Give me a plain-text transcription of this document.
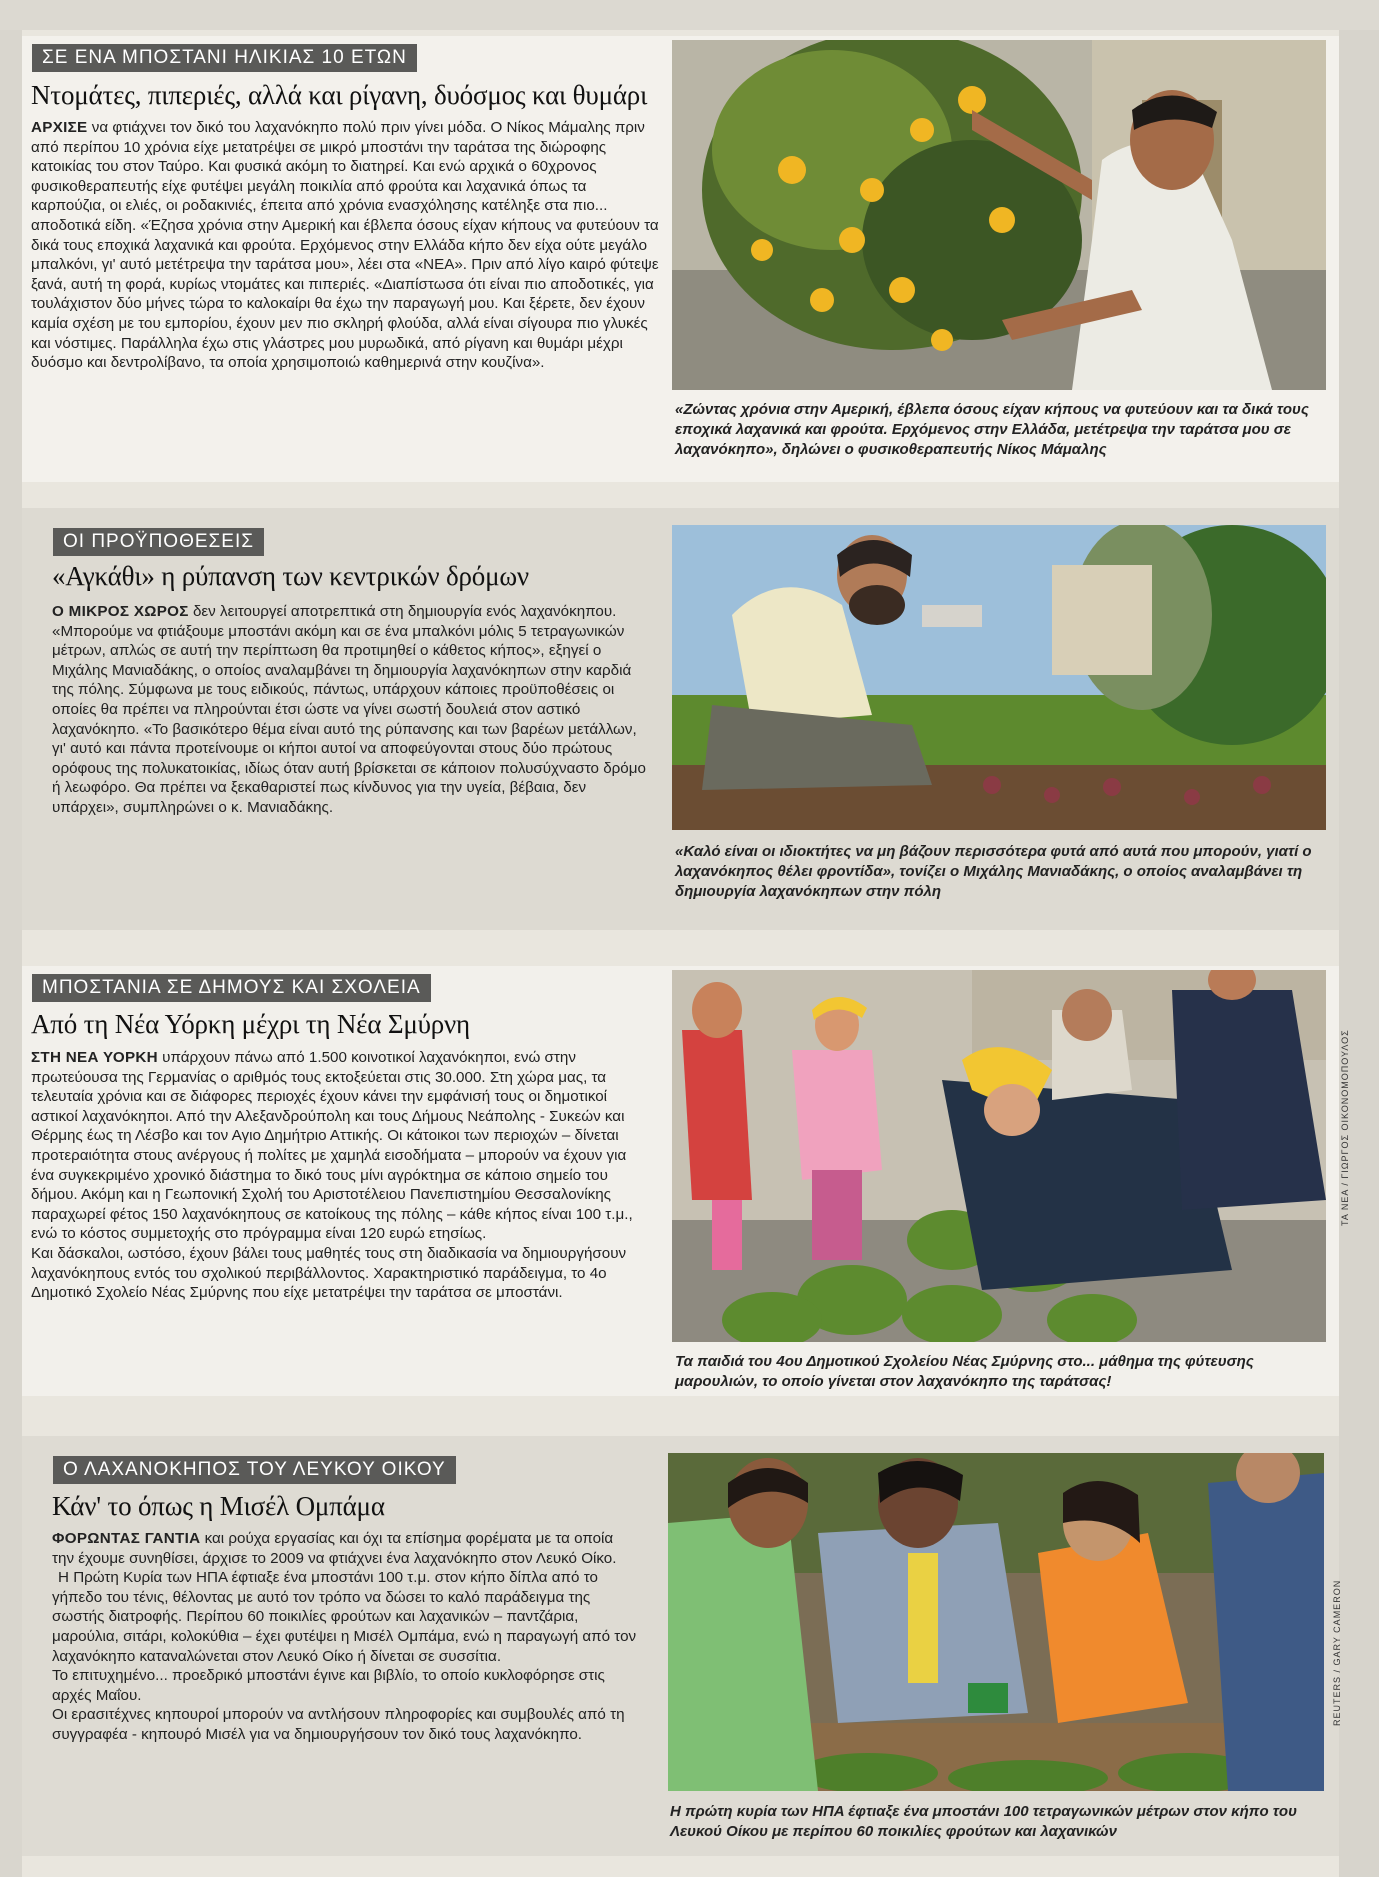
ΣΕ ΕΝΑ ΜΠΟΣΤΑΝΙ ΗΛΙΚΙΑΣ 10 ΕΤΩΝ
Ντομάτες, πιπεριές, αλλά και ρίγανη, δυόσμος και θυμάρι

ΑΡΧΙΣΕ να φτιάχνει τον δικό του λαχανόκηπο πολύ πριν γίνει μόδα. Ο Νίκος Μάμαλης πριν από περίπου 10 χρόνια είχε μετατρέψει σε μικρό μποστάνι την ταράτσα της διώροφης κατοικίας του στον Ταύρο. Και φυσικά ακόμη το διατηρεί. Και ενώ αρχικά ο 60χρονος φυσικοθεραπευτής είχε φυτέψει μεγάλη ποικιλία από φρούτα και λαχανικά όπως τα καρπούζια, οι ελιές, οι ροδακινιές, έπειτα από χρόνια ενασχόλησης κατέληξε στα πιο... αποδοτικά είδη. «Έζησα χρόνια στην Αμερική και έβλεπα όσους είχαν κήπους να φυτεύουν τα δικά τους εποχικά λαχανικά και φρούτα. Ερχόμενος στην Ελλάδα κήπο δεν είχα ούτε μεγάλο μπαλκόνι, γι' αυτό μετέτρεψα την ταράτσα μου», λέει στα «ΝΕΑ». Πριν από λίγο καιρό φύτεψε ξανά, αυτή τη φορά, κυρίως ντομάτες και πιπεριές. «Διαπίστωσα ότι είναι πιο αποδοτικές, για τουλάχιστον δύο μήνες τώρα το καλοκαίρι θα έχω την παραγωγή μου. Και ξέρετε, δεν έχουν καμία σχέση με του εμπορίου, έχουν μεν πιο σκληρή φλούδα, αλλά είναι σίγουρα πιο γλυκές και νόστιμες. Παράλληλα έχω στις γλάστρες μου μυρωδικά, από ρίγανη και θυμάρι μέχρι δυόσμο και δεντρολίβανο, τα οποία χρησιμοποιώ καθημερινά στην κουζίνα».

«Ζώντας χρόνια στην Αμερική, έβλεπα όσους είχαν κήπους να φυτεύουν και τα δικά τους εποχικά λαχανικά και φρούτα. Ερχόμενος στην Ελλάδα, μετέτρεψα την ταράτσα μου σε λαχανόκηπο», δηλώνει ο φυσικοθεραπευτής Νίκος Μάμαλης
ΟΙ ΠΡΟΫΠΟΘΕΣΕΙΣ
«Αγκάθι» η ρύπανση των κεντρικών δρόμων

Ο ΜΙΚΡΟΣ ΧΩΡΟΣ δεν λειτουργεί αποτρεπτικά στη δημιουργία ενός λαχανόκηπου. «Μπορούμε να φτιάξουμε μποστάνι ακόμη και σε ένα μπαλκόνι μόλις 5 τετραγωνικών μέτρων, απλώς σε αυτή την περίπτωση θα προτιμηθεί ο κάθετος κήπος», εξηγεί ο Μιχάλης Μανιαδάκης, ο οποίος αναλαμβάνει τη δημιουργία λαχανόκηπων στην καρδιά της πόλης. Σύμφωνα με τους ειδικούς, πάντως, υπάρχουν κάποιες προϋποθέσεις οι οποίες θα πρέπει να πληρούνται έτσι ώστε να γίνει σωστή δουλειά στον αστικό λαχανόκηπο. «Το βασικότερο θέμα είναι αυτό της ρύπανσης και των βαρέων μετάλλων, γι' αυτό και πάντα προτείνουμε οι κήποι αυτοί να αποφεύγονται στους δύο πρώτους ορόφους της πολυκατοικίας, ιδίως όταν αυτή βρίσκεται σε κάποιον πολυσύχναστο δρόμο ή λεωφόρο. Θα πρέπει να ξεκαθαριστεί πως κίνδυνος για την υγεία, βέβαια, δεν υπάρχει», συμπληρώνει ο κ. Μανιαδάκης.

«Καλό είναι οι ιδιοκτήτες να μη βάζουν περισσότερα φυτά από αυτά που μπορούν, γιατί ο λαχανόκηπος θέλει φροντίδα», τονίζει ο Μιχάλης Μανιαδάκης, ο οποίος αναλαμβάνει τη δημιουργία λαχανόκηπων στην πόλη
ΜΠΟΣΤΑΝΙΑ ΣΕ ΔΗΜΟΥΣ ΚΑΙ ΣΧΟΛΕΙΑ
Από τη Νέα Υόρκη μέχρι τη Νέα Σμύρνη

ΣΤΗ ΝΕΑ ΥΟΡΚΗ υπάρχουν πάνω από 1.500 κοινοτικοί λαχανόκηποι, ενώ στην πρωτεύουσα της Γερμανίας ο αριθμός τους εκτοξεύεται στις 30.000. Στη χώρα μας, τα τελευταία χρόνια και σε διάφορες περιοχές έχουν κάνει την εμφάνισή τους οι δημοτικοί αστικοί λαχανόκηποι. Από την Αλεξανδρούπολη και τους Δήμους Νεάπολης - Συκεών και Θέρμης έως τη Λέσβο και τον Αγιο Δημήτριο Αττικής. Οι κάτοικοι των περιοχών – δίνεται προτεραιότητα στους ανέργους ή πολίτες με χαμηλά εισοδήματα – μπορούν να έχουν για ένα συγκεκριμένο χρονικό διάστημα το δικό τους μίνι αγρόκτημα σε κάποιο σημείο του δήμου. Ακόμη και η Γεωπονική Σχολή του Αριστοτέλειου Πανεπιστημίου Θεσσαλονίκης παραχωρεί φέτος 150 λαχανόκηπους σε κατοίκους της πόλης – κάθε κήπος είναι 100 τ.μ., ενώ το κόστος συμμετοχής στο πρόγραμμα είναι 120 ευρώ ετησίως.

Και δάσκαλοι, ωστόσο, έχουν βάλει τους μαθητές τους στη διαδικασία να δημιουργήσουν λαχανόκηπους εντός του σχολικού περιβάλλοντος. Χαρακτηριστικό παράδειγμα, το 4ο Δημοτικό Σχολείο Νέας Σμύρνης που είχε μετατρέψει την ταράτσα σε μποστάνι.

ΤΑ ΝΕΑ / ΓΙΩΡΓΟΣ ΟΙΚΟΝΟΜΟΠΟΥΛΟΣ
Τα παιδιά του 4ου Δημοτικού Σχολείου Νέας Σμύρνης στο... μάθημα της φύτευσης μαρουλιών, το οποίο γίνεται στον λαχανόκηπο της ταράτσας!
Ο ΛΑΧΑΝΟΚΗΠΟΣ ΤΟΥ ΛΕΥΚΟΥ ΟΙΚΟΥ
Κάν' το όπως η Μισέλ Ομπάμα

ΦΟΡΩΝΤΑΣ ΓΑΝΤΙΑ και ρούχα εργασίας και όχι τα επίσημα φορέματα με τα οποία την έχουμε συνηθίσει, άρχισε το 2009 να φτιάχνει ένα λαχανόκηπο στον Λευκό Οίκο.

Η Πρώτη Κυρία των ΗΠΑ έφτιαξε ένα μποστάνι 100 τ.μ. στον κήπο δίπλα από το γήπεδο του τένις, θέλοντας με αυτό τον τρόπο να δώσει το καλό παράδειγμα της σωστής διατροφής. Περίπου 60 ποικιλίες φρούτων και λαχανικών – παντζάρια, μαρούλια, σιτάρι, κολοκύθια – έχει φυτέψει η Μισέλ Ομπάμα, ενώ η παραγωγή από τον λαχανόκηπο καταναλώνεται στον Λευκό Οίκο ή δίνεται σε συσσίτια.

Το επιτυχημένο... προεδρικό μποστάνι έγινε και βιβλίο, το οποίο κυκλοφόρησε στις αρχές Μαΐου.

Οι ερασιτέχνες κηπουροί μπορούν να αντλήσουν πληροφορίες και συμβουλές από τη συγγραφέα - κηπουρό Μισέλ για να δημιουργήσουν τον δικό τους λαχανόκηπο.

REUTERS / GARY CAMERON
Η πρώτη κυρία των ΗΠΑ έφτιαξε ένα μποστάνι 100 τετραγωνικών μέτρων στον κήπο του Λευκού Οίκου με περίπου 60 ποικιλίες φρούτων και λαχανικών
